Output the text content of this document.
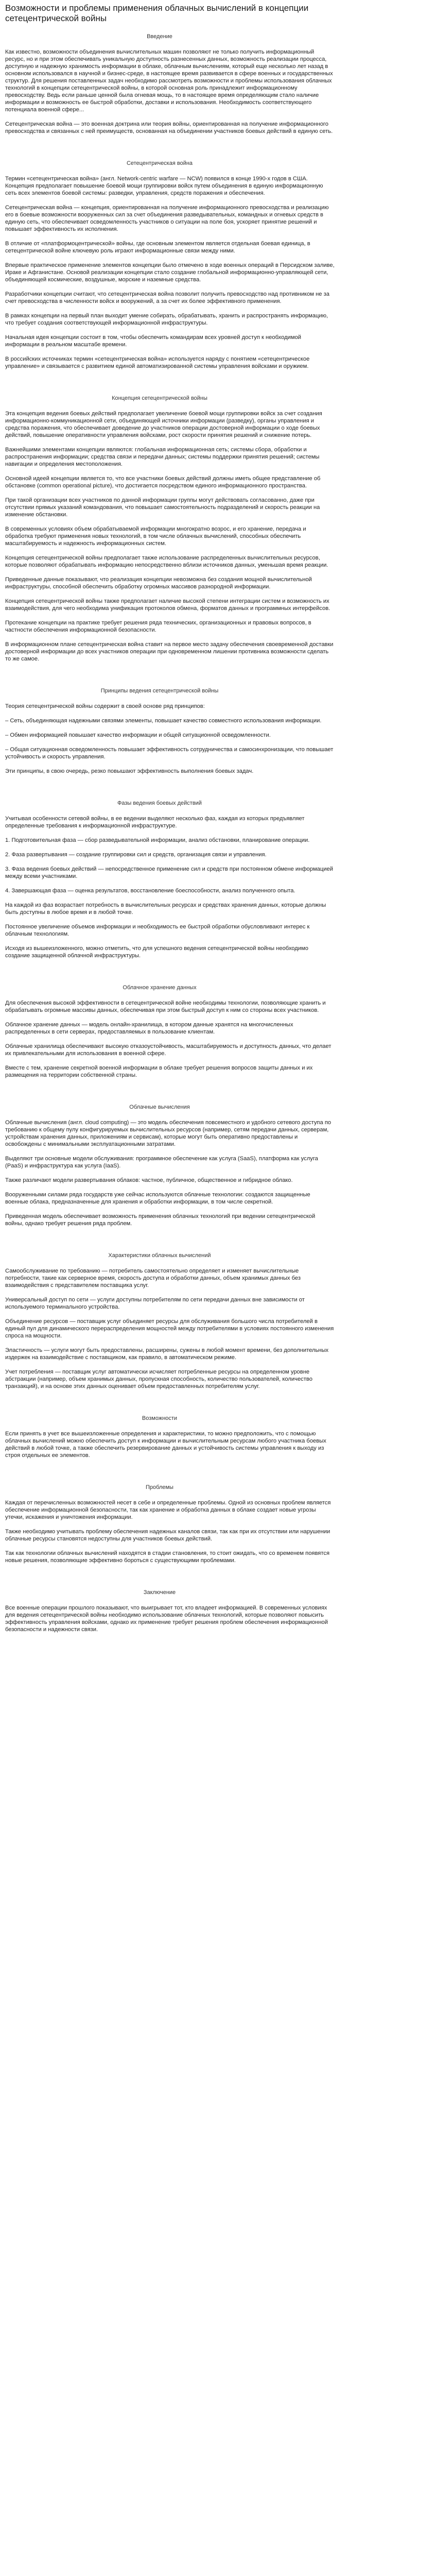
Возможности и проблемы применения облачных вычислений в концепции сетецентрической войны
Введение

Как известно, возможности объединения вычислительных машин позволяют не только получить информационный ресурс, но и при этом обеспечивать уникальную доступность разнесенных данных, возможность реализации процесса, доступную и надежную хранимость информации в облаке, облачным вычислениям, который еще несколько лет назад в основном использовался в научной и бизнес-среде, в настоящее время развивается в сфере военных и государственных структур. Для решения поставленных задач необходимо рассмотреть возможности и проблемы использования облачных технологий в концепции сетецентрической войны, в которой основная роль принадлежит информационному превосходству. Ведь если раньше ценной была огневая мощь, то в настоящее время определяющим стало наличие информации и возможность ее быстрой обработки, доставки и использования. Необходимость соответствующего потенциала военной сфере...

Сетецентрическая война — это военная доктрина или теория войны, ориентированная на получение информационного превосходства и связанных с ней преимуществ, основанная на объединении участников боевых действий в единую сеть.

Сетецентрическая война

Термин «сетецентрическая война» (англ. Network-centric warfare — NCW) появился в конце 1990-х годов в США. Концепция предполагает повышение боевой мощи группировки войск путем объединения в единую информационную сеть всех элементов боевой системы: разведки, управления, средств поражения и обеспечения.

Сетецентрическая война — концепция, ориентированная на получение информационного превосходства и реализацию его в боевые возможности вооруженных сил за счет объединения разведывательных, командных и огневых средств в единую сеть, что обеспечивает осведомленность участников о ситуации на поле боя, ускоряет принятие решений и повышает эффективность их исполнения.

В отличие от «платформоцентрической» войны, где основным элементом является отдельная боевая единица, в сетецентрической войне ключевую роль играют информационные связи между ними.

Впервые практическое применение элементов концепции было отмечено в ходе военных операций в Персидском заливе, Ираке и Афганистане. Основой реализации концепции стало создание глобальной информационно-управляющей сети, объединяющей космические, воздушные, морские и наземные средства.

Разработчики концепции считают, что сетецентрическая война позволит получить превосходство над противником не за счет превосходства в численности войск и вооружений, а за счет их более эффективного применения.

В рамках концепции на первый план выходит умение собирать, обрабатывать, хранить и распространять информацию, что требует создания соответствующей информационной инфраструктуры.

Начальная идея концепции состоит в том, чтобы обеспечить командирам всех уровней доступ к необходимой информации в реальном масштабе времени.

В российских источниках термин «сетецентрическая война» используется наряду с понятием «сетецентрическое управление» и связывается с развитием единой автоматизированной системы управления войсками и оружием.

Концепция сетецентрической войны

Эта концепция ведения боевых действий предполагает увеличение боевой мощи группировки войск за счет создания информационно-коммуникационной сети, объединяющей источники информации (разведку), органы управления и средства поражения, что обеспечивает доведение до участников операции достоверной информации о ходе боевых действий, повышение оперативности управления войсками, рост скорости принятия решений и снижение потерь.

Важнейшими элементами концепции являются: глобальная информационная сеть; системы сбора, обработки и распространения информации; средства связи и передачи данных; системы поддержки принятия решений; системы навигации и определения местоположения.

Основной идеей концепции является то, что все участники боевых действий должны иметь общее представление об обстановке (common operational picture), что достигается посредством единого информационного пространства.

При такой организации всех участников по данной информации группы могут действовать согласованно, даже при отсутствии прямых указаний командования, что повышает самостоятельность подразделений и скорость реакции на изменение обстановки.

В современных условиях объем обрабатываемой информации многократно возрос, и его хранение, передача и обработка требуют применения новых технологий, в том числе облачных вычислений, способных обеспечить масштабируемость и надежность информационных систем.

Концепция сетецентрической войны предполагает также использование распределенных вычислительных ресурсов, которые позволяют обрабатывать информацию непосредственно вблизи источников данных, уменьшая время реакции.

Приведенные данные показывают, что реализация концепции невозможна без создания мощной вычислительной инфраструктуры, способной обеспечить обработку огромных массивов разнородной информации.

Концепция сетецентрической войны также предполагает наличие высокой степени интеграции систем и возможность их взаимодействия, для чего необходима унификация протоколов обмена, форматов данных и программных интерфейсов.

Протекание концепции на практике требует решения ряда технических, организационных и правовых вопросов, в частности обеспечения информационной безопасности.

В информационном плане сетецентрическая война ставит на первое место задачу обеспечения своевременной доставки достоверной информации до всех участников операции при одновременном лишении противника возможности сделать то же самое.

Принципы ведения сетецентрической войны

Теория сетецентрической войны содержит в своей основе ряд принципов:

– Сеть, объединяющая надежными связями элементы, повышает качество совместного использования информации.

– Обмен информацией повышает качество информации и общей ситуационной осведомленности.

– Общая ситуационная осведомленность повышает эффективность сотрудничества и самосинхронизации, что повышает устойчивость и скорость управления.

Эти принципы, в свою очередь, резко повышают эффективность выполнения боевых задач.

Фазы ведения боевых действий

Учитывая особенности сетевой войны, в ее ведении выделяют несколько фаз, каждая из которых предъявляет определенные требования к информационной инфраструктуре.

1. Подготовительная фаза — сбор разведывательной информации, анализ обстановки, планирование операции.

2. Фаза развертывания — создание группировки сил и средств, организация связи и управления.

3. Фаза ведения боевых действий — непосредственное применение сил и средств при постоянном обмене информацией между всеми участниками.

4. Завершающая фаза — оценка результатов, восстановление боеспособности, анализ полученного опыта.

На каждой из фаз возрастает потребность в вычислительных ресурсах и средствах хранения данных, которые должны быть доступны в любое время и в любой точке.

Постоянное увеличение объемов информации и необходимость ее быстрой обработки обусловливают интерес к облачным технологиям.

Исходя из вышеизложенного, можно отметить, что для успешного ведения сетецентрической войны необходимо создание защищенной облачной инфраструктуры.

Облачное хранение данных

Для обеспечения высокой эффективности в сетецентрической войне необходимы технологии, позволяющие хранить и обрабатывать огромные массивы данных, обеспечивая при этом быстрый доступ к ним со стороны всех участников.

Облачное хранение данных — модель онлайн-хранилища, в котором данные хранятся на многочисленных распределенных в сети серверах, предоставляемых в пользование клиентам.

Облачные хранилища обеспечивают высокую отказоустойчивость, масштабируемость и доступность данных, что делает их привлекательными для использования в военной сфере.

Вместе с тем, хранение секретной военной информации в облаке требует решения вопросов защиты данных и их размещения на территории собственной страны.

Облачные вычисления

Облачные вычисления (англ. cloud computing) — это модель обеспечения повсеместного и удобного сетевого доступа по требованию к общему пулу конфигурируемых вычислительных ресурсов (например, сетям передачи данных, серверам, устройствам хранения данных, приложениям и сервисам), которые могут быть оперативно предоставлены и освобождены с минимальными эксплуатационными затратами.

Выделяют три основные модели обслуживания: программное обеспечение как услуга (SaaS), платформа как услуга (PaaS) и инфраструктура как услуга (IaaS).

Также различают модели развертывания облаков: частное, публичное, общественное и гибридное облако.

Вооруженными силами ряда государств уже сейчас используются облачные технологии: создаются защищенные военные облака, предназначенные для хранения и обработки информации, в том числе секретной.

Приведенная модель обеспечивает возможность применения облачных технологий при ведении сетецентрической войны, однако требует решения ряда проблем.

Характеристики облачных вычислений

Самообслуживание по требованию — потребитель самостоятельно определяет и изменяет вычислительные потребности, такие как серверное время, скорость доступа и обработки данных, объем хранимых данных без взаимодействия с представителем поставщика услуг.

Универсальный доступ по сети — услуги доступны потребителям по сети передачи данных вне зависимости от используемого терминального устройства.

Объединение ресурсов — поставщик услуг объединяет ресурсы для обслуживания большого числа потребителей в единый пул для динамического перераспределения мощностей между потребителями в условиях постоянного изменения спроса на мощности.

Эластичность — услуги могут быть предоставлены, расширены, сужены в любой момент времени, без дополнительных издержек на взаимодействие с поставщиком, как правило, в автоматическом режиме.

Учет потребления — поставщик услуг автоматически исчисляет потребленные ресурсы на определенном уровне абстракции (например, объем хранимых данных, пропускная способность, количество пользователей, количество транзакций), и на основе этих данных оценивает объем предоставленных потребителям услуг.

Возможности

Если принять в учет все вышеизложенные определения и характеристики, то можно предположить, что с помощью облачных вычислений можно обеспечить доступ к информации и вычислительным ресурсам любого участника боевых действий в любой точке, а также обеспечить резервирование данных и устойчивость системы управления к выходу из строя отдельных ее элементов.

Проблемы

Каждая от перечисленных возможностей несет в себе и определенные проблемы. Одной из основных проблем является обеспечение информационной безопасности, так как хранение и обработка данных в облаке создает новые угрозы утечки, искажения и уничтожения информации.

Также необходимо учитывать проблему обеспечения надежных каналов связи, так как при их отсутствии или нарушении облачные ресурсы становятся недоступны для участников боевых действий.

Так как технологии облачных вычислений находятся в стадии становления, то стоит ожидать, что со временем появятся новые решения, позволяющие эффективно бороться с существующими проблемами.

Заключение

Все военные операции прошлого показывают, что выигрывает тот, кто владеет информацией. В современных условиях для ведения сетецентрической войны необходимо использование облачных технологий, которые позволяют повысить эффективность управления войсками, однако их применение требует решения проблем обеспечения информационной безопасности и надежности связи.
